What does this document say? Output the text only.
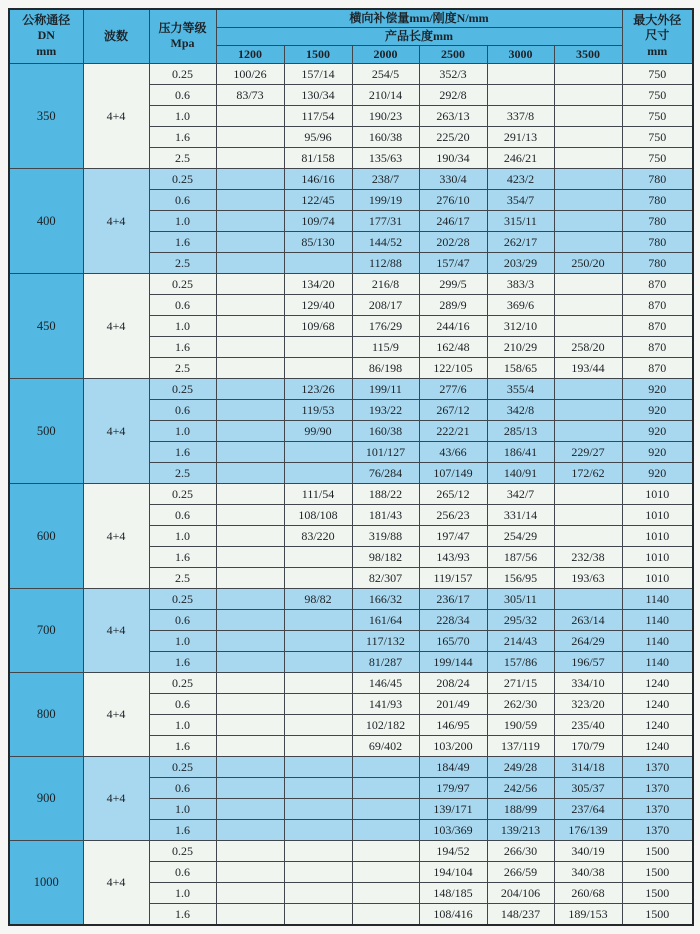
公称通径
DN
mm
	波数	
压力等级
Mpa
	横向补偿量mm/刚度N/mm	最大外径
尺寸
mm

			产品长度mm						
			1200	1500	2000	2500	3000	3500	
350	4+4	0.25	100/26	157/14	254/5	352/3			750
		0.6	83/73	130/34	210/14	292/8			750
		1.0		117/54	190/23	263/13	337/8		750
		1.6		95/96	160/38	225/20	291/13		750
		2.5		81/158	135/63	190/34	246/21		750
400	4+4	0.25		146/16	238/7	330/4	423/2		780
		0.6		122/45	199/19	276/10	354/7		780
		1.0		109/74	177/31	246/17	315/11		780
		1.6		85/130	144/52	202/28	262/17		780
		2.5			112/88	157/47	203/29	250/20	780
450	4+4	0.25		134/20	216/8	299/5	383/3		870
		0.6		129/40	208/17	289/9	369/6		870
		1.0		109/68	176/29	244/16	312/10		870
		1.6			115/9	162/48	210/29	258/20	870
		2.5			86/198	122/105	158/65	193/44	870
500	4+4	0.25		123/26	199/11	277/6	355/4		920
		0.6		119/53	193/22	267/12	342/8		920
		1.0		99/90	160/38	222/21	285/13		920
		1.6			101/127	43/66	186/41	229/27	920
		2.5			76/284	107/149	140/91	172/62	920
600	4+4	0.25		111/54	188/22	265/12	342/7		1010
		0.6		108/108	181/43	256/23	331/14		1010
		1.0		83/220	319/88	197/47	254/29		1010
		1.6			98/182	143/93	187/56	232/38	1010
		2.5			82/307	119/157	156/95	193/63	1010
700	4+4	0.25		98/82	166/32	236/17	305/11		1140
		0.6			161/64	228/34	295/32	263/14	1140
		1.0			117/132	165/70	214/43	264/29	1140
		1.6			81/287	199/144	157/86	196/57	1140
800	4+4	0.25			146/45	208/24	271/15	334/10	1240
		0.6			141/93	201/49	262/30	323/20	1240
		1.0			102/182	146/95	190/59	235/40	1240
		1.6			69/402	103/200	137/119	170/79	1240
900	4+4	0.25				184/49	249/28	314/18	1370
		0.6				179/97	242/56	305/37	1370
		1.0				139/171	188/99	237/64	1370
		1.6				103/369	139/213	176/139	1370
1000	4+4	0.25				194/52	266/30	340/19	1500
		0.6				194/104	266/59	340/38	1500
		1.0				148/185	204/106	260/68	1500
		1.6				108/416	148/237	189/153	1500
